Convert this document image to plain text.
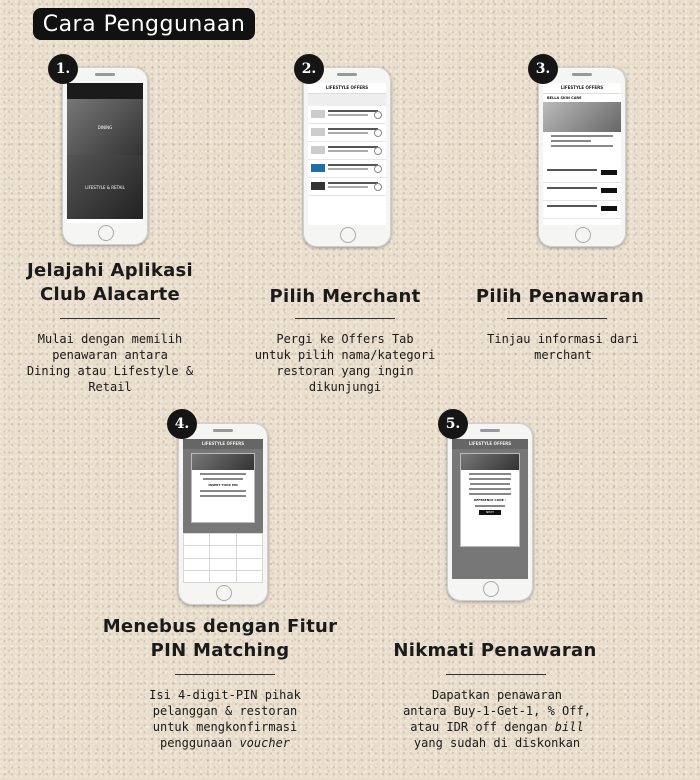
Cara Penggunaan
1.
DINING
LIFESTYLE & RETAIL
Jelajahi Aplikasi
Club Alacarte
Mulai dengan memilih
penawaran antara
Dining atau Lifestyle &
Retail
2.
LIFESTYLE OFFERS
Pilih Merchant
Pergi ke Offers Tab
untuk pilih nama/kategori
restoran yang ingin
dikunjungi
3.
LIFESTYLE OFFERS
BELLA SKIN CARE
Pilih Penawaran
Tinjau informasi dari
merchant
4.
LIFESTYLE OFFERS
INSERT YOUR PIN
Menebus dengan Fitur
PIN Matching
Isi 4-digit-PIN pihak
pelanggan & restoran
untuk mengkonfirmasi
penggunaan voucher
5.
LIFESTYLE OFFERS
REFERENCE CODE :
NEXT
Nikmati Penawaran
Dapatkan penawaran
antara Buy-1-Get-1, % Off,
atau IDR off dengan bill
yang sudah di diskonkan
